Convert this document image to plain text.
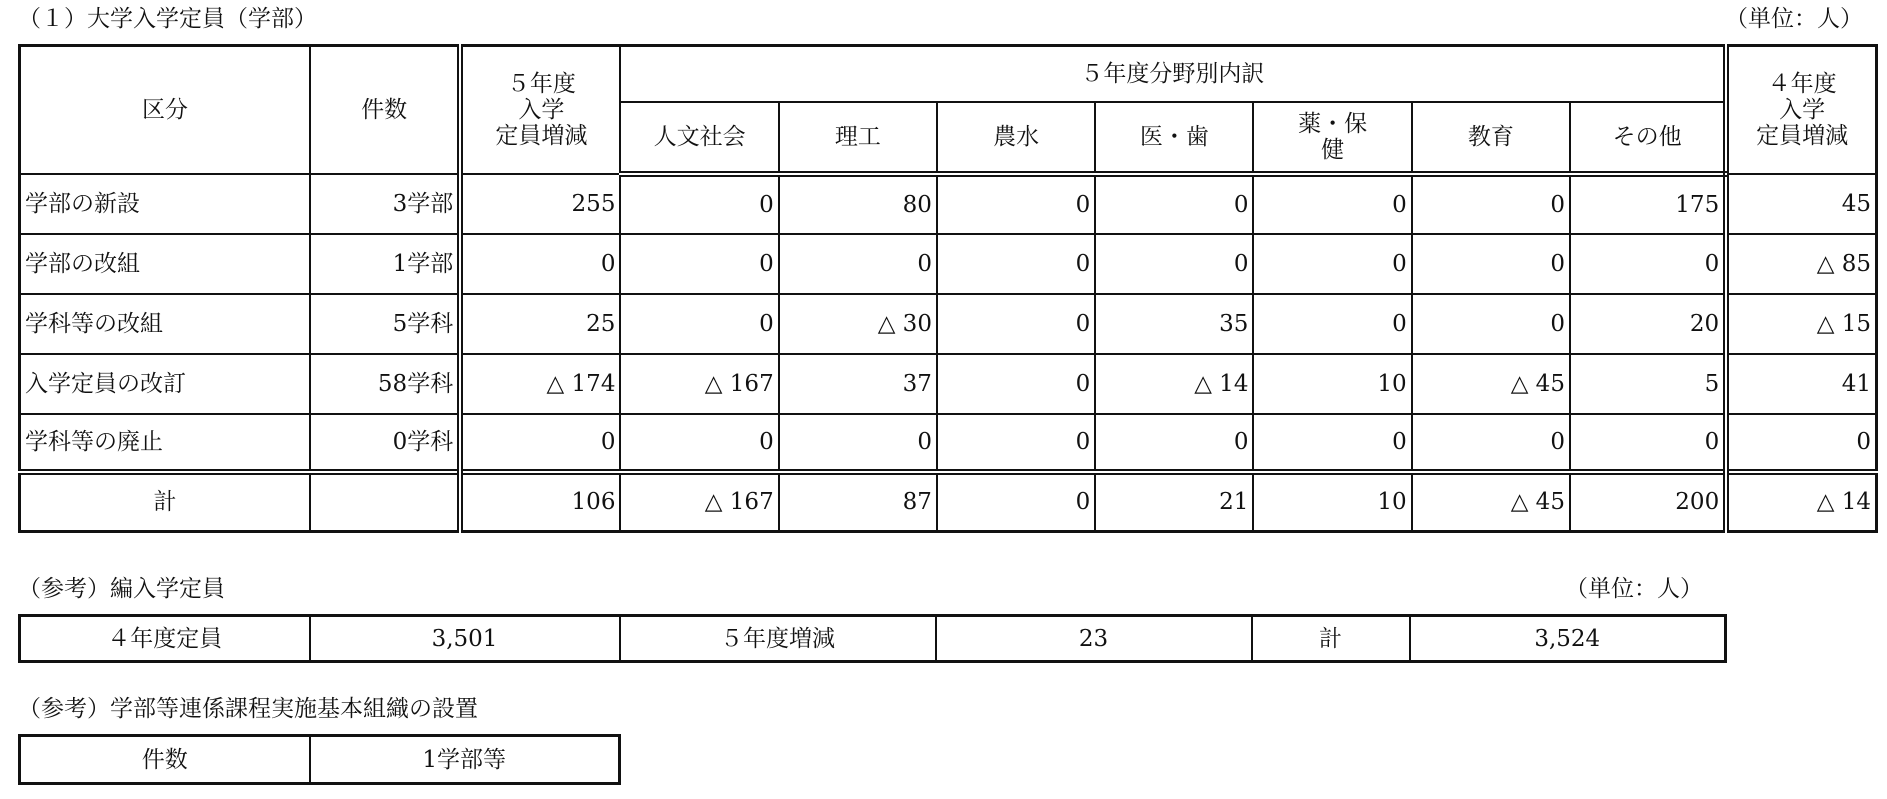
（１）大学入学定員（学部）	（単位：人）
区分	件数	５年度
入学
定員増減	５年度分野別内訳							４年度
入学
定員増減

			人文社会	理工	農水	医・歯	薬・保健	教育	その他	
学部の新設	3学部	255	0	80	0	0	0	0	175	45
学部の改組	1学部	0	0	0	0	0	0	0	0	△ 85
学科等の改組	5学科	25	0	△ 30	0	35	0	0	20	△ 15
入学定員の改訂	58学科	△ 174	△ 167	37	0	△ 14	10	△ 45	5	41
学科等の廃止	0学科	0	0	0	0	0	0	0	0	0
計		106	△ 167	87	0	21	10	△ 45	200	△ 14
（参考）編入学定員	（単位：人）
４年度定員	3,501	５年度増減	23	計	3,524
（参考）学部等連係課程実施基本組織の設置
件数	1学部等
